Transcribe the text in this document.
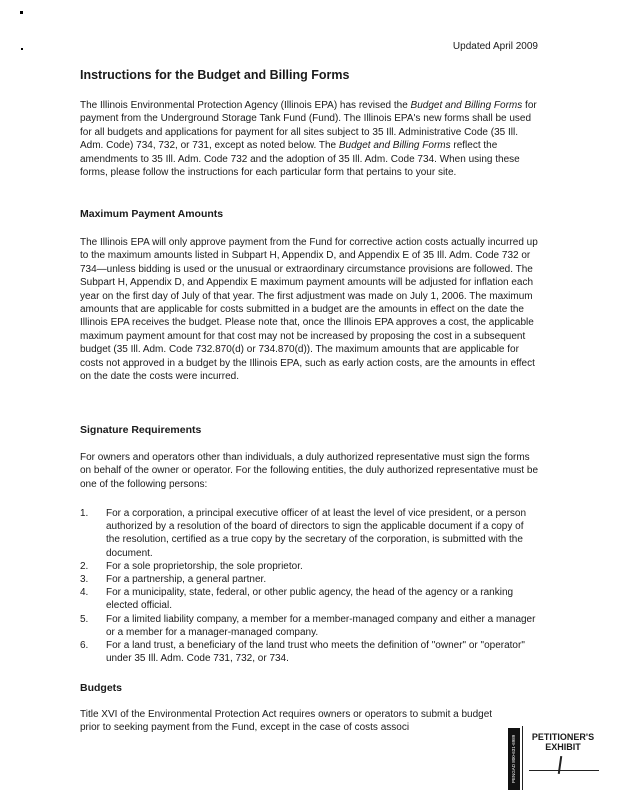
Updated April 2009
Instructions for the Budget and Billing Forms

The Illinois Environmental Protection Agency (Illinois EPA) has revised the Budget and Billing Forms for payment from the Underground Storage Tank Fund (Fund). The Illinois EPA's new forms shall be used for all budgets and applications for payment for all sites subject to 35 Ill. Administrative Code (35 Ill. Adm. Code) 734, 732, or 731, except as noted below. The Budget and Billing Forms reflect the amendments to 35 Ill. Adm. Code 732 and the adoption of 35 Ill. Adm. Code 734. When using these forms, please follow the instructions for each particular form that pertains to your site.

Maximum Payment Amounts

The Illinois EPA will only approve payment from the Fund for corrective action costs actually incurred up to the maximum amounts listed in Subpart H, Appendix D, and Appendix E of 35 Ill. Adm. Code 732 or 734—unless bidding is used or the unusual or extraordinary circumstance provisions are followed. The Subpart H, Appendix D, and Appendix E maximum payment amounts will be adjusted for inflation each year on the first day of July of that year. The first adjustment was made on July 1, 2006. The maximum amounts that are applicable for costs submitted in a budget are the amounts in effect on the date the Illinois EPA receives the budget. Please note that, once the Illinois EPA approves a cost, the applicable maximum payment amount for that cost may not be increased by proposing the cost in a subsequent budget (35 Ill. Adm. Code 732.870(d) or 734.870(d)). The maximum amounts that are applicable for costs not approved in a budget by the Illinois EPA, such as early action costs, are the amounts in effect on the date the costs were incurred.

Signature Requirements

For owners and operators other than individuals, a duly authorized representative must sign the forms on behalf of the owner or operator. For the following entities, the duly authorized representative must be one of the following persons:

1.	For a corporation, a principal executive officer of at least the level of vice president, or a person authorized by a resolution of the board of directors to sign the applicable document if a copy of the resolution, certified as a true copy by the secretary of the corporation, is submitted with the document.
2.	For a sole proprietorship, the sole proprietor.
3.	For a partnership, a general partner.
4.	For a municipality, state, federal, or other public agency, the head of the agency or a ranking elected official.
5.	For a limited liability company, a member for a member-managed company and either a manager or a member for a manager-managed company.
6.	For a land trust, a beneficiary of the land trust who meets the definition of "owner" or "operator" under 35 Ill. Adm. Code 731, 732, or 734.
Budgets

Title XVI of the Environmental Protection Act requires owners or operators to submit a budget prior to seeking payment from the Fund, except in the case of costs associ

PENGAD 800-631-6989	PETITIONER'S EXHIBIT
